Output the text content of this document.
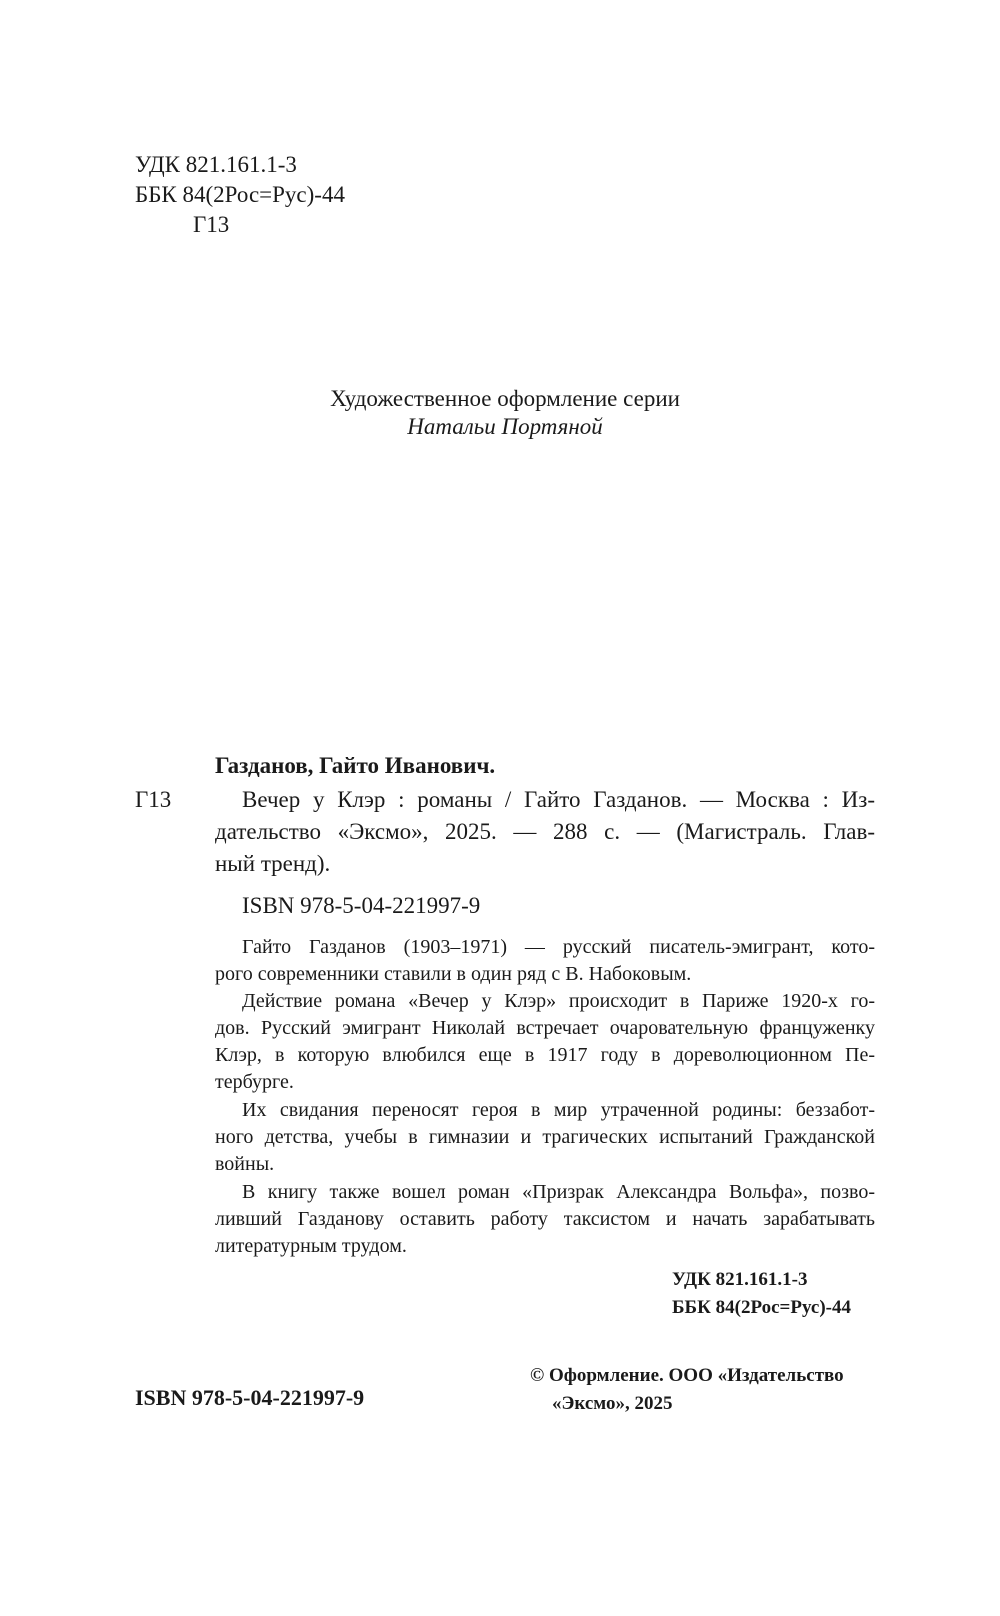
УДК 821.161.1-3
ББК 84(2Рос=Рус)-44
Г13
Художественное оформление серии
Натальи Портяной
Газданов, Гайто Иванович.
Г13	Вечер у Клэр : романы / Гайто Газданов. — Москва : Из-
дательство «Эксмо», 2025. — 288 с. — (Магистраль. Глав-
ный тренд).
ISBN 978-5-04-221997-9
Гайто Газданов (1903–1971) — русский писатель-эмигрант, кото-
рого современники ставили в один ряд с В. Набоковым.
Действие романа «Вечер у Клэр» происходит в Париже 1920-х го-
дов. Русский эмигрант Николай встречает очаровательную француженку
Клэр, в которую влюбился еще в 1917 году в дореволюционном Пе-
тербурге.
Их свидания переносят героя в мир утраченной родины: беззабот-
ного детства, учебы в гимназии и трагических испытаний Гражданской
войны.
В книгу также вошел роман «Призрак Александра Вольфа», позво-
ливший Газданову оставить работу таксистом и начать зарабатывать
литературным трудом.
УДК 821.161.1-3
ББК 84(2Рос=Рус)-44
ISBN 978-5-04-221997-9
© Оформление. ООО «Издательство
«Эксмо», 2025
